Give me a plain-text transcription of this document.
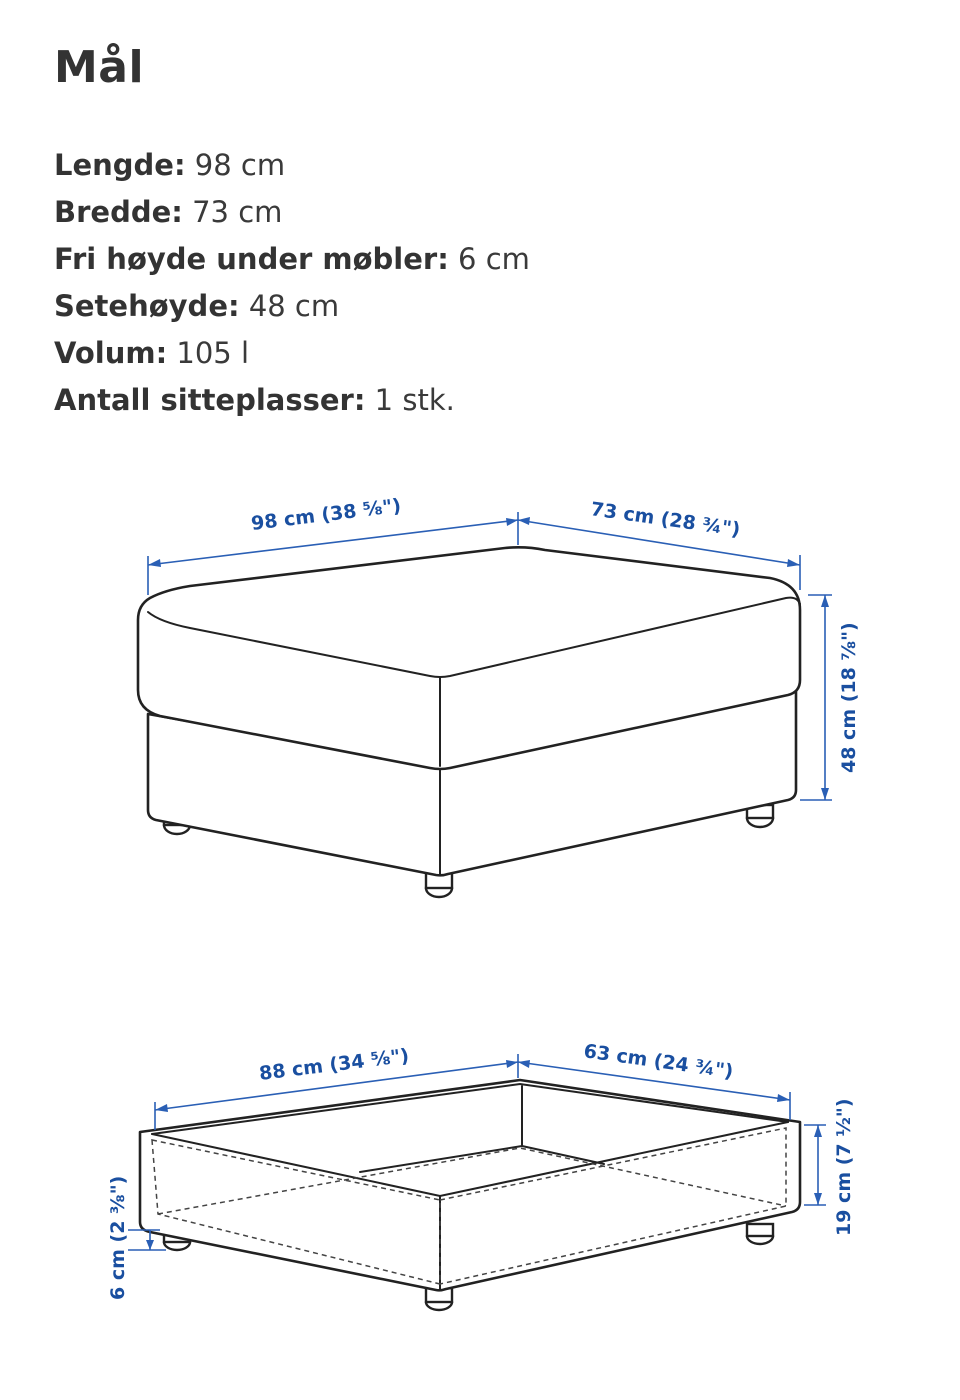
Mål
Lengde: 98 cm
Bredde: 73 cm
Fri høyde under møbler: 6 cm
Setehøyde: 48 cm
Volum: 105 l
Antall sitteplasser: 1 stk.
98 cm (38 ⅝")	73 cm (28 ¾")
48 cm (18 ⅞")
88 cm (34 ⅝")	63 cm (24 ¾")
19 cm (7 ½")
6 cm (2 ⅜")
